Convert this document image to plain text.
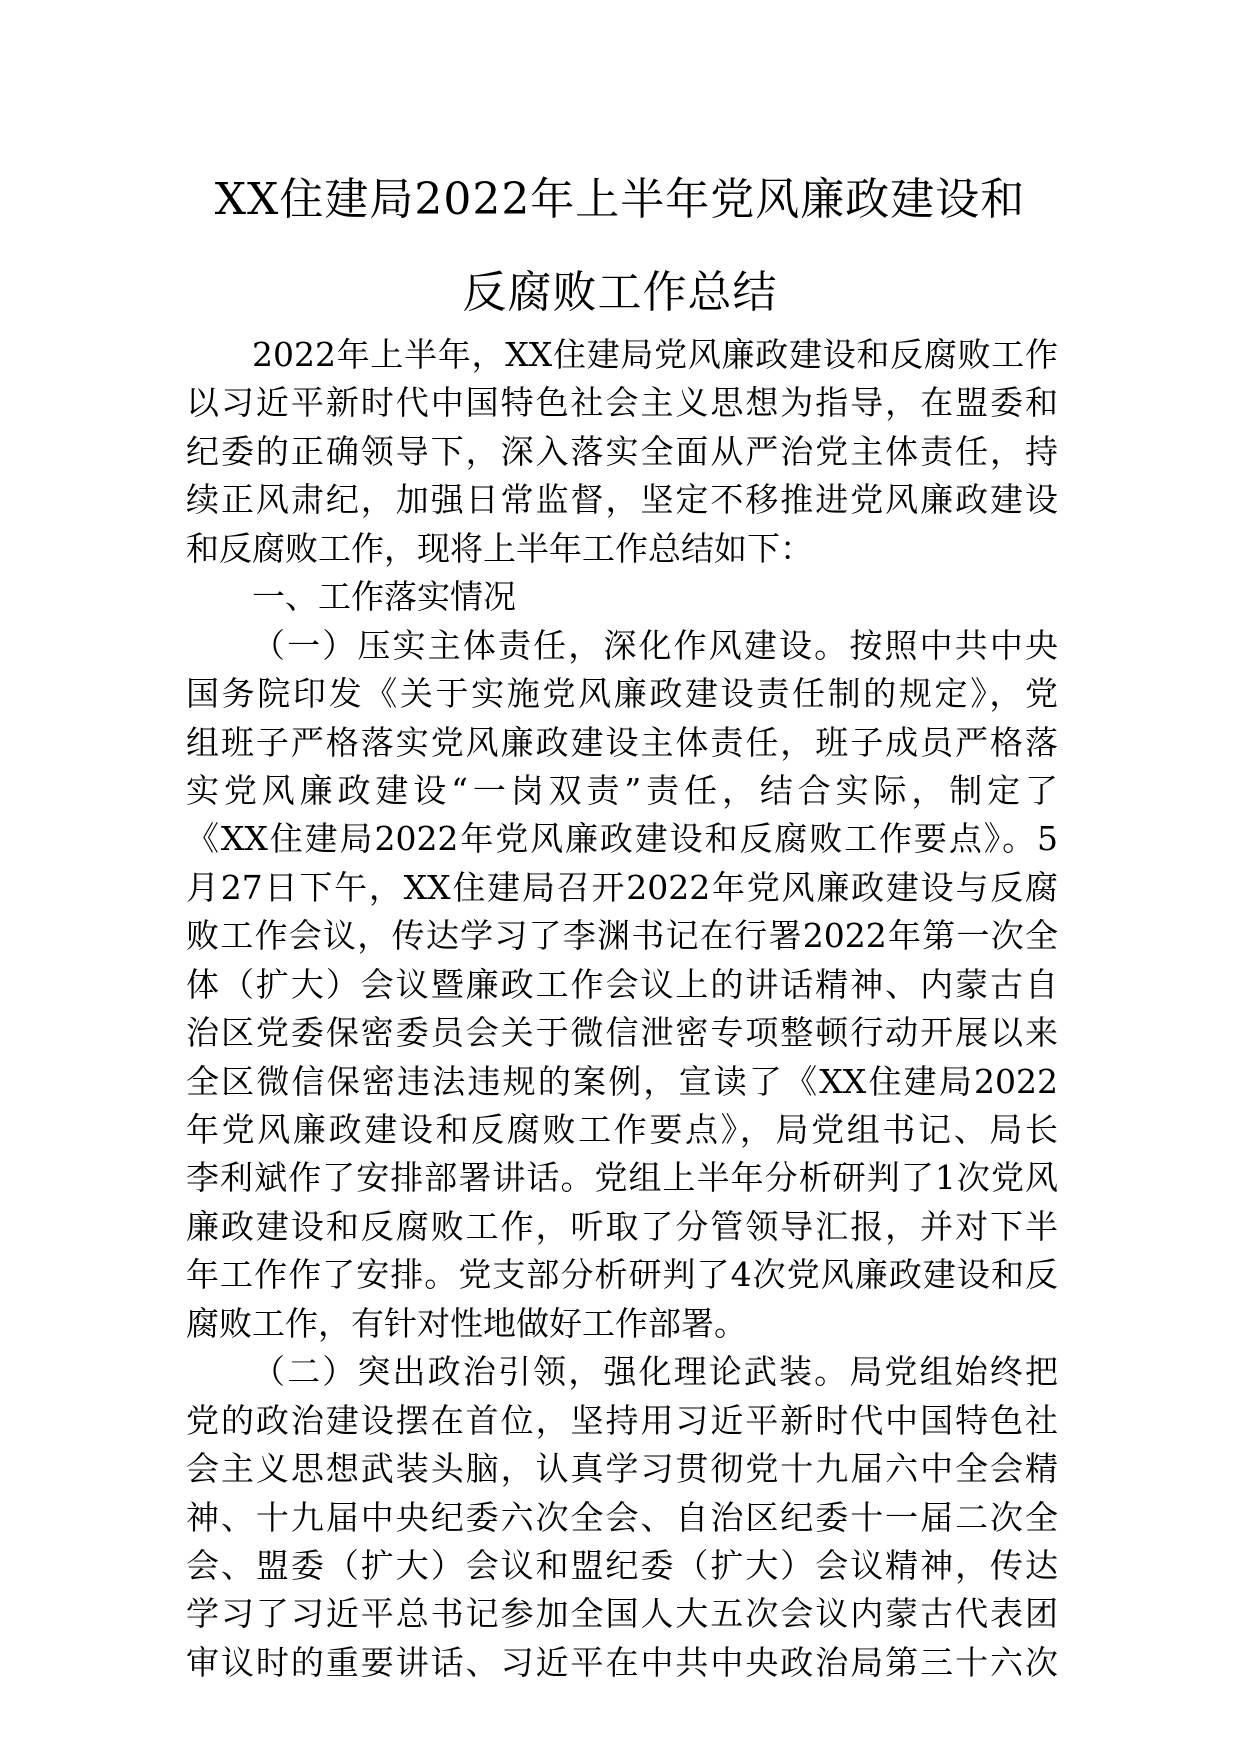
XX住建局2022年上半年党风廉政建设和
反腐败工作总结
2022年上半年，XX住建局党风廉政建设和反腐败工作
以习近平新时代中国特色社会主义思想为指导，在盟委和
纪委的正确领导下，深入落实全面从严治党主体责任，持
续正风肃纪，加强日常监督，坚定不移推进党风廉政建设
和反腐败工作，现将上半年工作总结如下：
一、工作落实情况
（一）压实主体责任，深化作风建设。按照中共中央
国务院印发《关于实施党风廉政建设责任制的规定》，党
组班子严格落实党风廉政建设主体责任，班子成员严格落
实党风廉政建设“一岗双责”责任，结合实际，制定了
《XX住建局2022年党风廉政建设和反腐败工作要点》。5
月27日下午，XX住建局召开2022年党风廉政建设与反腐
败工作会议，传达学习了李渊书记在行署2022年第一次全
体（扩大）会议暨廉政工作会议上的讲话精神、内蒙古自
治区党委保密委员会关于微信泄密专项整顿行动开展以来
全区微信保密违法违规的案例，宣读了《XX住建局2022
年党风廉政建设和反腐败工作要点》，局党组书记、局长
李利斌作了安排部署讲话。党组上半年分析研判了1次党风
廉政建设和反腐败工作，听取了分管领导汇报，并对下半
年工作作了安排。党支部分析研判了4次党风廉政建设和反
腐败工作，有针对性地做好工作部署。
（二）突出政治引领，强化理论武装。局党组始终把
党的政治建设摆在首位，坚持用习近平新时代中国特色社
会主义思想武装头脑，认真学习贯彻党十九届六中全会精
神、十九届中央纪委六次全会、自治区纪委十一届二次全
会、盟委（扩大）会议和盟纪委（扩大）会议精神，传达
学习了习近平总书记参加全国人大五次会议内蒙古代表团
审议时的重要讲话、习近平在中共中央政治局第三十六次
